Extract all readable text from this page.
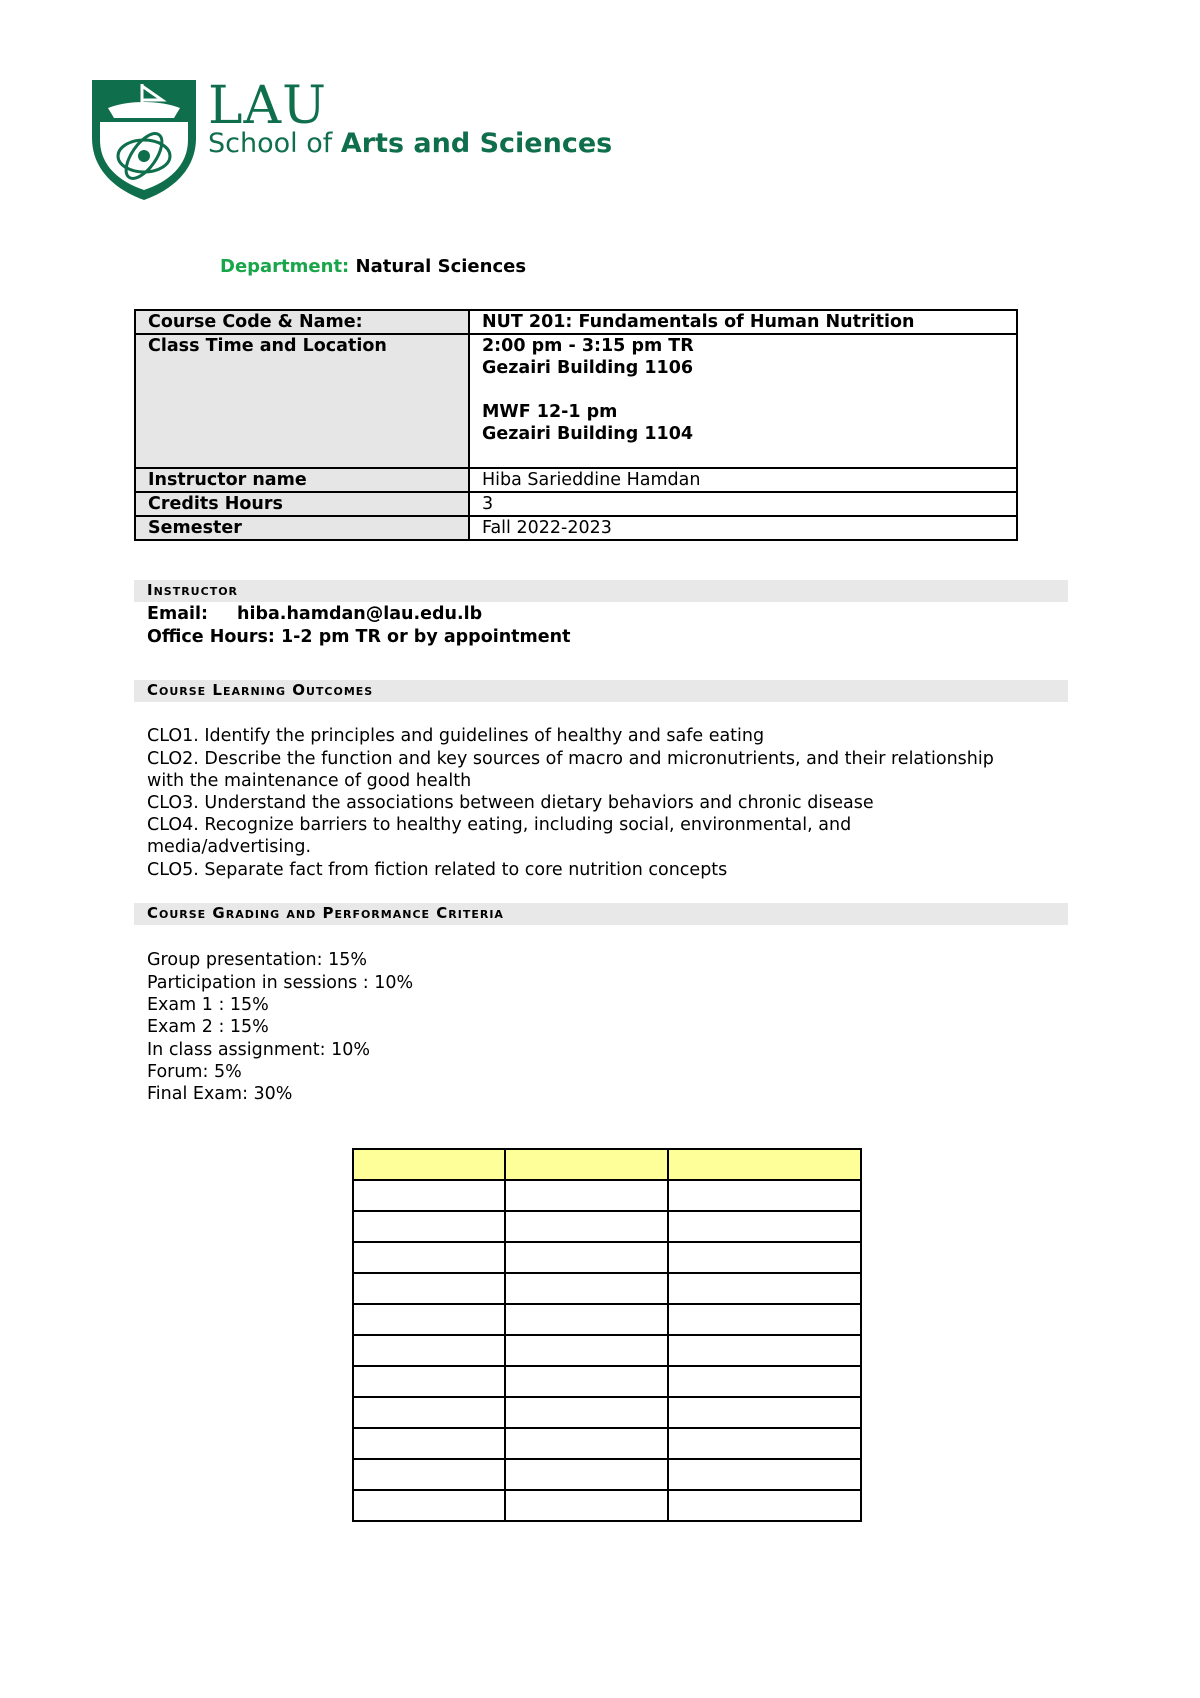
LAU
School of Arts and Sciences
Department: Natural Sciences
Course Code & Name:	NUT 201: Fundamentals of Human Nutrition
Class Time and Location	2:00 pm - 3:15 pm TR
Gezairi Building 1106
MWF 12-1 pm
Gezairi Building 1104

Instructor name	Hiba Sarieddine Hamdan
Credits Hours	3
Semester	Fall 2022-2023
Instructor
Email: hiba.hamdan@lau.edu.lb
Office Hours: 1-2 pm TR or by appointment
Course Learning Outcomes
CLO1. Identify the principles and guidelines of healthy and safe eating
CLO2. Describe the function and key sources of macro and micronutrients, and their relationship
with the maintenance of good health
CLO3. Understand the associations between dietary behaviors and chronic disease
CLO4. Recognize barriers to healthy eating, including social, environmental, and
media/advertising.
CLO5. Separate fact from fiction related to core nutrition concepts
Course Grading and Performance Criteria
Group presentation: 15%
Participation in sessions : 10%
Exam 1 : 15%
Exam 2 : 15%
In class assignment: 10%
Forum: 5%
Final Exam: 30%
